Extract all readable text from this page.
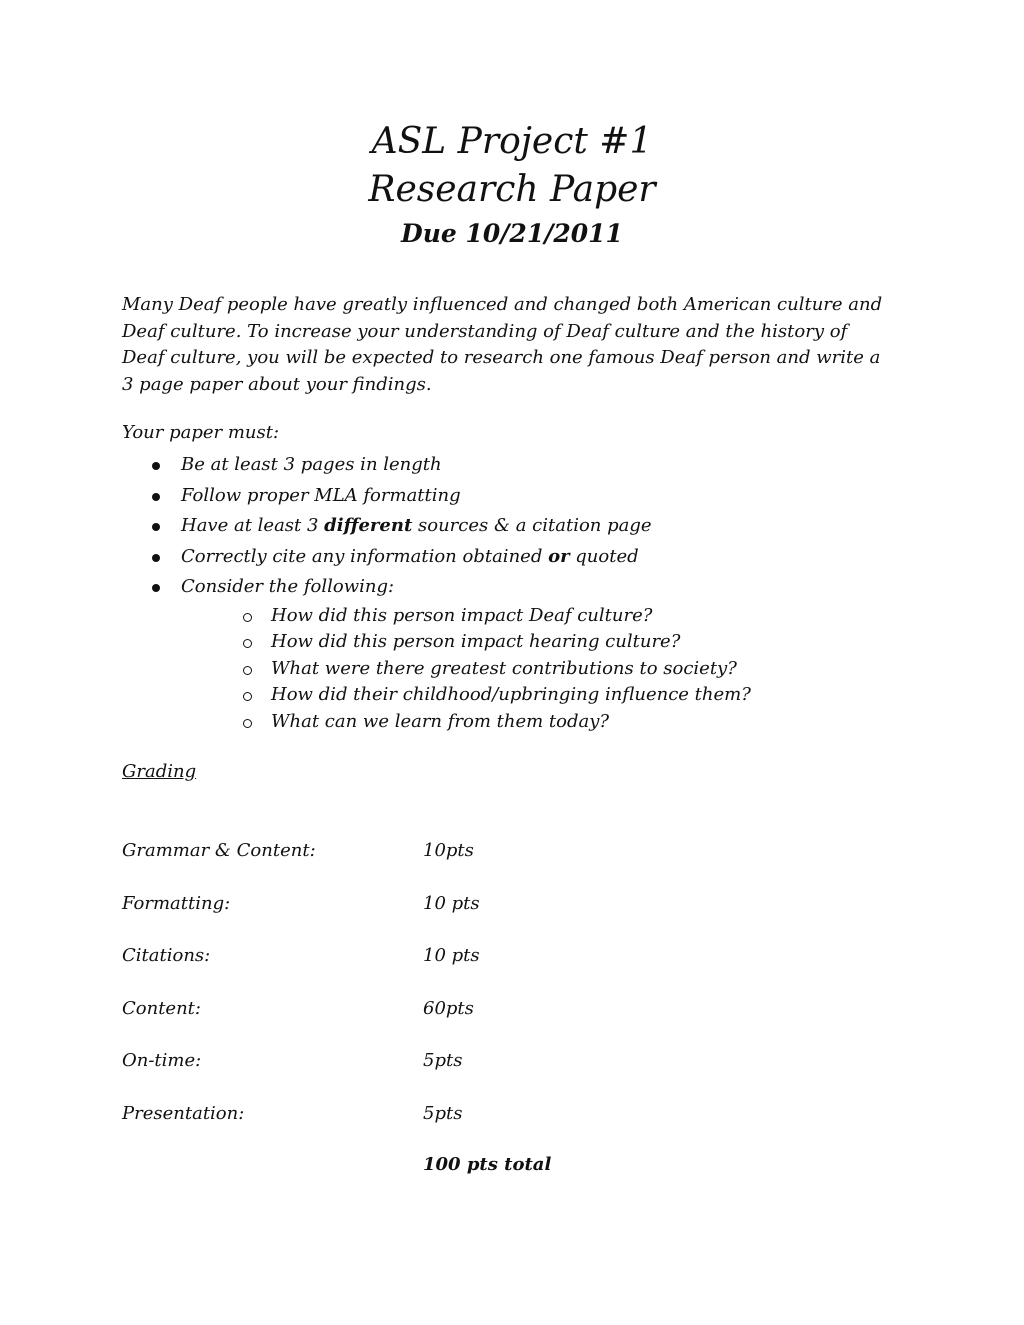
ASL Project #1
Research Paper
Due 10/21/2011

Many Deaf people have greatly influenced and changed both American culture and Deaf culture. To increase your understanding of Deaf culture and the history of Deaf culture, you will be expected to research one famous Deaf person and write a 3 page paper about your findings.

Your paper must:

Be at least 3 pages in length
Follow proper MLA formatting
Have at least 3 different sources & a citation page
Correctly cite any information obtained or quoted
Consider the following:
How did this person impact Deaf culture?
How did this person impact hearing culture?
What were there greatest contributions to society?
How did their childhood/upbringing influence them?
What can we learn from them today?

Grading

Grammar & Content:	10pts
Formatting:	10 pts
Citations:	10 pts
Content:	60pts
On-time:	5pts
Presentation:	5pts
100 pts total
